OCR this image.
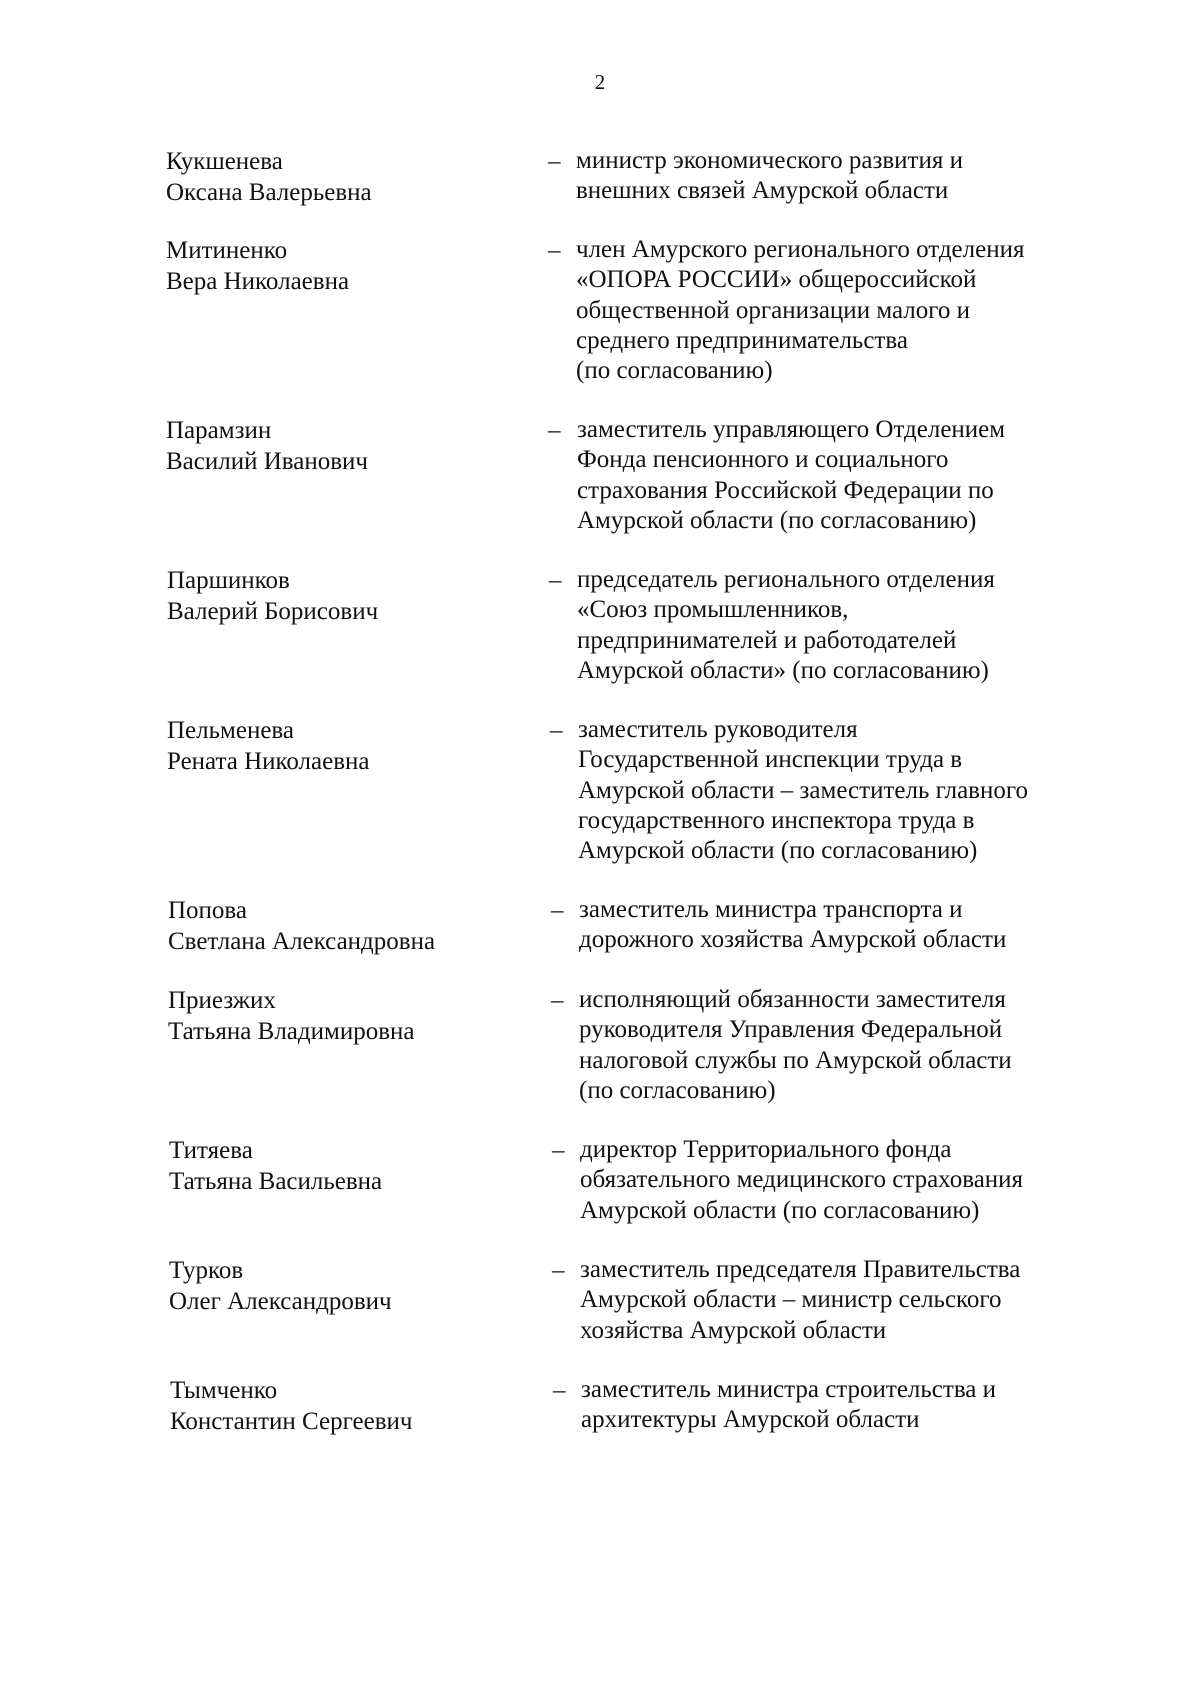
2
Кукшенева
Оксана Валерьевна
– министр экономического развития и
внешних связей Амурской области
Митиненко
Вера Николаевна
– член Амурского регионального отделения
«ОПОРА РОССИИ» общероссийской
общественной организации малого и
среднего предпринимательства
(по согласованию)
Парамзин
Василий Иванович
– заместитель управляющего Отделением
Фонда пенсионного и социального
страхования Российской Федерации по
Амурской области (по согласованию)
Паршинков
Валерий Борисович
– председатель регионального отделения
«Союз промышленников,
предпринимателей и работодателей
Амурской области» (по согласованию)
Пельменева
Рената Николаевна
– заместитель руководителя
Государственной инспекции труда в
Амурской области – заместитель главного
государственного инспектора труда в
Амурской области (по согласованию)
Попова
Светлана Александровна
– заместитель министра транспорта и
дорожного хозяйства Амурской области
Приезжих
Татьяна Владимировна
– исполняющий обязанности заместителя
руководителя Управления Федеральной
налоговой службы по Амурской области
(по согласованию)
Титяева
Татьяна Васильевна
– директор Территориального фонда
обязательного медицинского страхования
Амурской области (по согласованию)
Турков
Олег Александрович
– заместитель председателя Правительства
Амурской области – министр сельского
хозяйства Амурской области
Тымченко
Константин Сергеевич
– заместитель министра строительства и
архитектуры Амурской области
